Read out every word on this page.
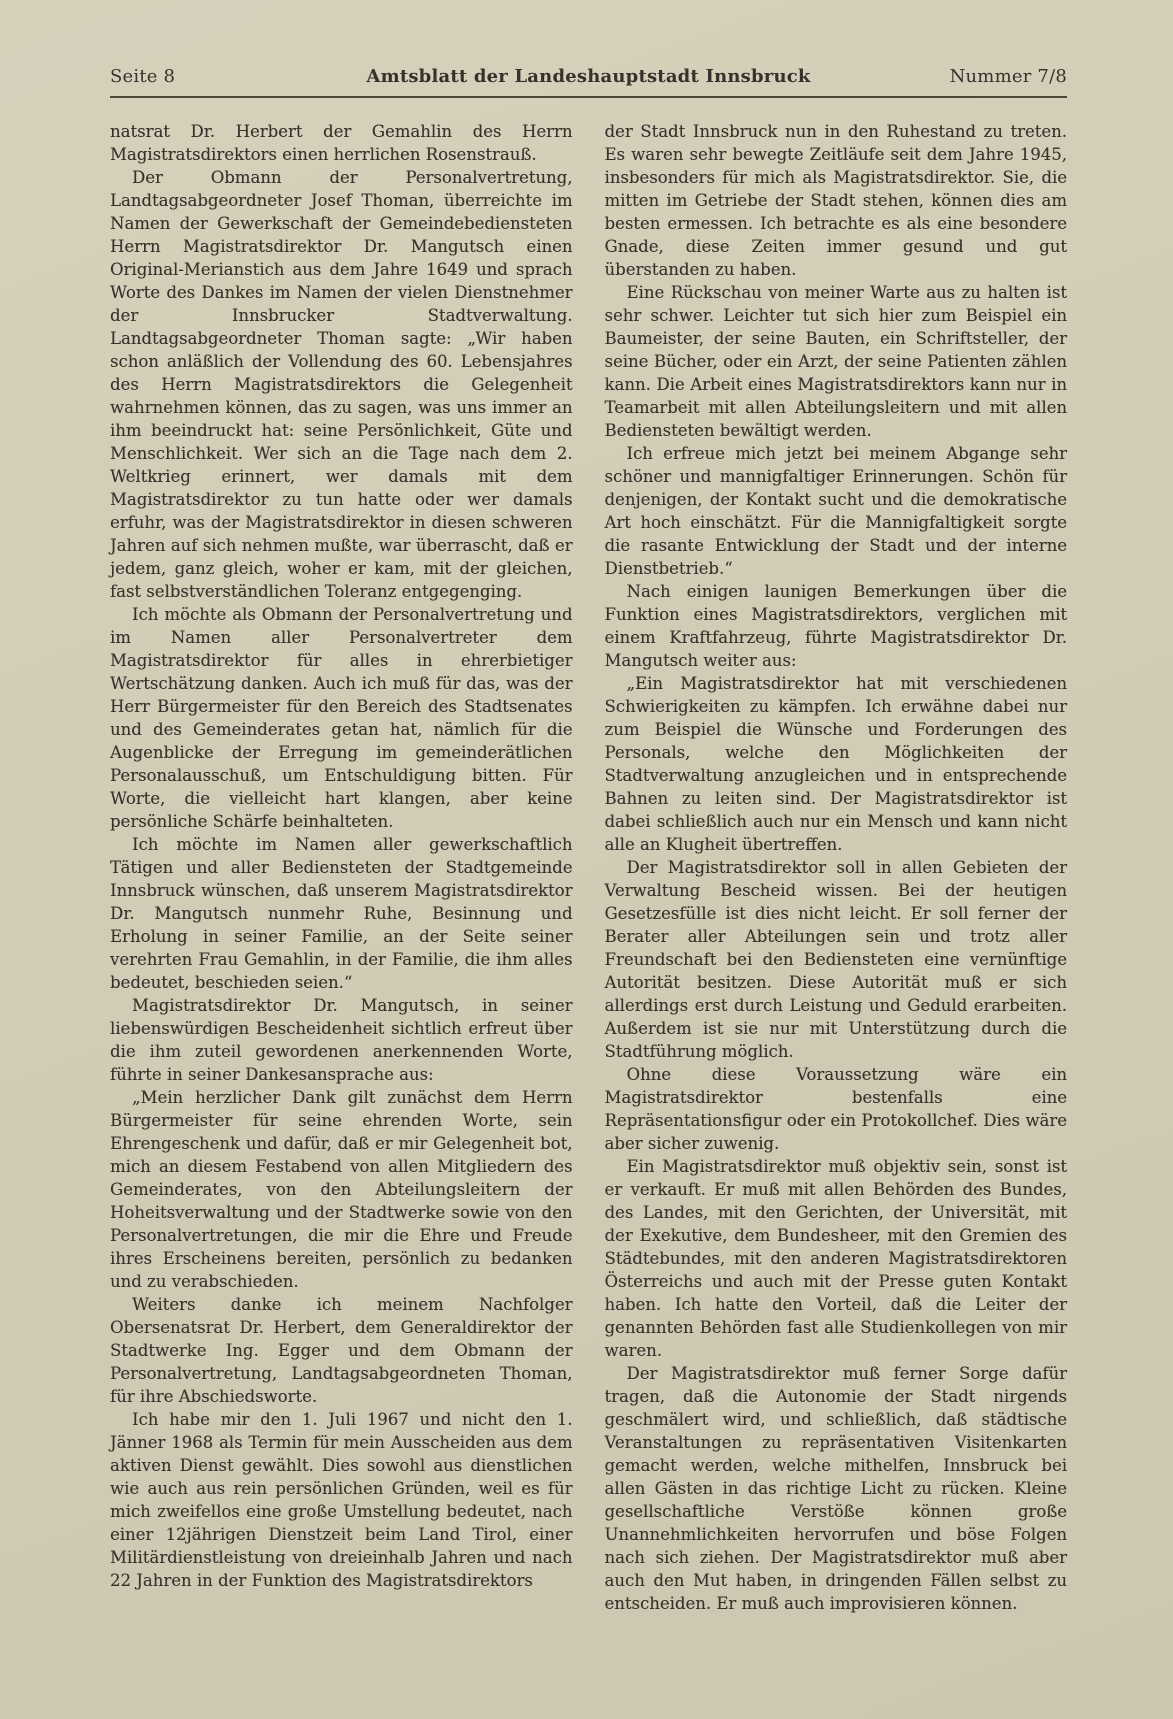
Seite 8	Amtsblatt der Landeshauptstadt Innsbruck	Nummer 7/8

natsrat Dr. Herbert der Gemahlin des Herrn Magistratsdirektors einen herrlichen Rosenstrauß.

Der Obmann der Personalvertretung, Landtagsabgeordneter Josef Thoman, überreichte im Namen der Gewerkschaft der Gemeindebediensteten Herrn Magistratsdirektor Dr. Mangutsch einen Original-Merianstich aus dem Jahre 1649 und sprach Worte des Dankes im Namen der vielen Dienstnehmer der Innsbrucker Stadtverwaltung. Landtagsabgeordneter Thoman sagte: „Wir haben schon anläßlich der Vollendung des 60. Lebensjahres des Herrn Magistratsdirektors die Gelegenheit wahrnehmen können, das zu sagen, was uns immer an ihm beeindruckt hat: seine Persönlichkeit, Güte und Menschlichkeit. Wer sich an die Tage nach dem 2. Weltkrieg erinnert, wer damals mit dem Magistratsdirektor zu tun hatte oder wer damals erfuhr, was der Magistratsdirektor in diesen schweren Jahren auf sich nehmen mußte, war überrascht, daß er jedem, ganz gleich, woher er kam, mit der gleichen, fast selbstverständlichen Toleranz entgegenging.

Ich möchte als Obmann der Personalvertretung und im Namen aller Personalvertreter dem Magistratsdirektor für alles in ehrerbietiger Wertschätzung danken. Auch ich muß für das, was der Herr Bürgermeister für den Bereich des Stadtsenates und des Gemeinderates getan hat, nämlich für die Augenblicke der Erregung im gemeinderätlichen Personalausschuß, um Entschuldigung bitten. Für Worte, die vielleicht hart klangen, aber keine persönliche Schärfe beinhalteten.

Ich möchte im Namen aller gewerkschaftlich Tätigen und aller Bediensteten der Stadtgemeinde Innsbruck wünschen, daß unserem Magistratsdirektor Dr. Mangutsch nunmehr Ruhe, Besinnung und Erholung in seiner Familie, an der Seite seiner verehrten Frau Gemahlin, in der Familie, die ihm alles bedeutet, beschieden seien.“

Magistratsdirektor Dr. Mangutsch, in seiner liebenswürdigen Bescheidenheit sichtlich erfreut über die ihm zuteil gewordenen anerkennenden Worte, führte in seiner Dankesansprache aus:

„Mein herzlicher Dank gilt zunächst dem Herrn Bürgermeister für seine ehrenden Worte, sein Ehrengeschenk und dafür, daß er mir Gelegenheit bot, mich an diesem Festabend von allen Mitgliedern des Gemeinderates, von den Abteilungsleitern der Hoheitsverwaltung und der Stadtwerke sowie von den Personalvertretungen, die mir die Ehre und Freude ihres Erscheinens bereiten, persönlich zu bedanken und zu verabschieden.

Weiters danke ich meinem Nachfolger Obersenatsrat Dr. Herbert, dem Generaldirektor der Stadtwerke Ing. Egger und dem Obmann der Personalvertretung, Landtagsabgeordneten Thoman, für ihre Abschiedsworte.

Ich habe mir den 1. Juli 1967 und nicht den 1. Jänner 1968 als Termin für mein Ausscheiden aus dem aktiven Dienst gewählt. Dies sowohl aus dienstlichen wie auch aus rein persönlichen Gründen, weil es für mich zweifellos eine große Umstellung bedeutet, nach einer 12jährigen Dienstzeit beim Land Tirol, einer Militärdienstleistung von dreieinhalb Jahren und nach 22 Jahren in der Funktion des Magistratsdirektors

der Stadt Innsbruck nun in den Ruhestand zu treten. Es waren sehr bewegte Zeitläufe seit dem Jahre 1945, insbesonders für mich als Magistratsdirektor. Sie, die mitten im Getriebe der Stadt stehen, können dies am besten ermessen. Ich betrachte es als eine besondere Gnade, diese Zeiten immer gesund und gut überstanden zu haben.

Eine Rückschau von meiner Warte aus zu halten ist sehr schwer. Leichter tut sich hier zum Beispiel ein Baumeister, der seine Bauten, ein Schriftsteller, der seine Bücher, oder ein Arzt, der seine Patienten zählen kann. Die Arbeit eines Magistratsdirektors kann nur in Teamarbeit mit allen Abteilungsleitern und mit allen Bediensteten bewältigt werden.

Ich erfreue mich jetzt bei meinem Abgange sehr schöner und mannigfaltiger Erinnerungen. Schön für denjenigen, der Kontakt sucht und die demokratische Art hoch einschätzt. Für die Mannigfaltigkeit sorgte die rasante Entwicklung der Stadt und der interne Dienstbetrieb.“

Nach einigen launigen Bemerkungen über die Funktion eines Magistratsdirektors, verglichen mit einem Kraftfahrzeug, führte Magistratsdirektor Dr. Mangutsch weiter aus:

„Ein Magistratsdirektor hat mit verschiedenen Schwierigkeiten zu kämpfen. Ich erwähne dabei nur zum Beispiel die Wünsche und Forderungen des Personals, welche den Möglichkeiten der Stadtverwaltung anzugleichen und in entsprechende Bahnen zu leiten sind. Der Magistratsdirektor ist dabei schließlich auch nur ein Mensch und kann nicht alle an Klugheit übertreffen.

Der Magistratsdirektor soll in allen Gebieten der Verwaltung Bescheid wissen. Bei der heutigen Gesetzesfülle ist dies nicht leicht. Er soll ferner der Berater aller Abteilungen sein und trotz aller Freundschaft bei den Bediensteten eine vernünftige Autorität besitzen. Diese Autorität muß er sich allerdings erst durch Leistung und Geduld erarbeiten. Außerdem ist sie nur mit Unterstützung durch die Stadtführung möglich.

Ohne diese Voraussetzung wäre ein Magistratsdirektor bestenfalls eine Repräsentationsfigur oder ein Protokollchef. Dies wäre aber sicher zuwenig.

Ein Magistratsdirektor muß objektiv sein, sonst ist er verkauft. Er muß mit allen Behörden des Bundes, des Landes, mit den Gerichten, der Universität, mit der Exekutive, dem Bundesheer, mit den Gremien des Städtebundes, mit den anderen Magistratsdirektoren Österreichs und auch mit der Presse guten Kontakt haben. Ich hatte den Vorteil, daß die Leiter der genannten Behörden fast alle Studienkollegen von mir waren.

Der Magistratsdirektor muß ferner Sorge dafür tragen, daß die Autonomie der Stadt nirgends geschmälert wird, und schließlich, daß städtische Veranstaltungen zu repräsentativen Visitenkarten gemacht werden, welche mithelfen, Innsbruck bei allen Gästen in das richtige Licht zu rücken. Kleine gesellschaftliche Verstöße können große Unannehmlichkeiten hervorrufen und böse Folgen nach sich ziehen. Der Magistratsdirektor muß aber auch den Mut haben, in dringenden Fällen selbst zu entscheiden. Er muß auch improvisieren können.
